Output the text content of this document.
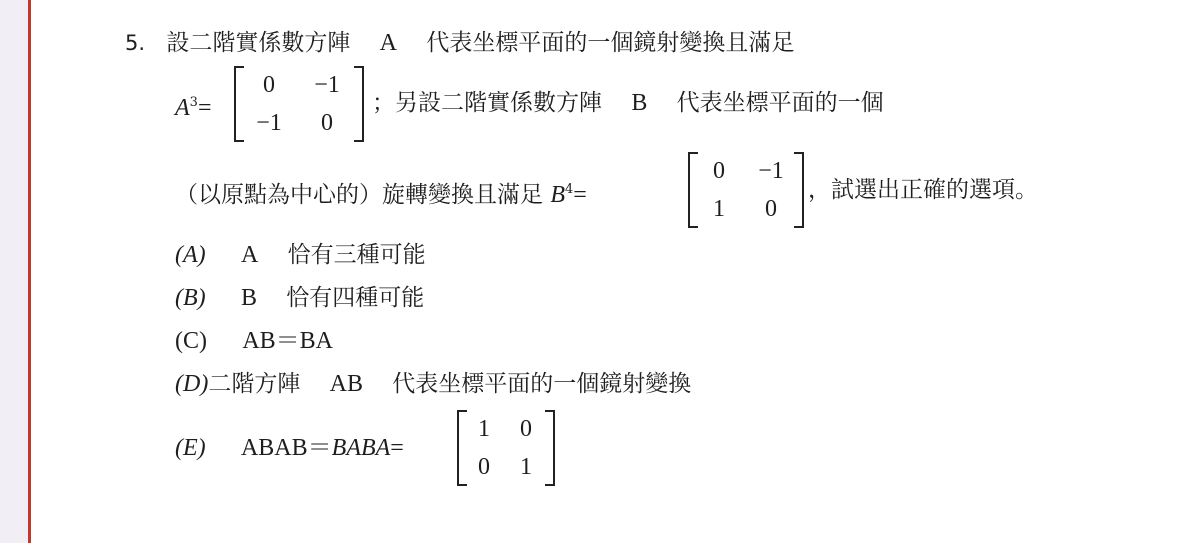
5. 設二階實係數方陣 A 代表坐標平面的一個鏡射變換且滿足
$A^3=$
0	−1
−1	0
；另設二階實係數方陣 B 代表坐標平面的一個
（以原點為中心的）旋轉變換且滿足 $B^4=$
0	−1
1	0
，試選出正確的選項。
(A) A 恰有三種可能
(B) B 恰有四種可能
(C) AB＝BA
(D)二階方陣 AB 代表坐標平面的一個鏡射變換
(E) ABAB＝BABA=
1	0
0	1
